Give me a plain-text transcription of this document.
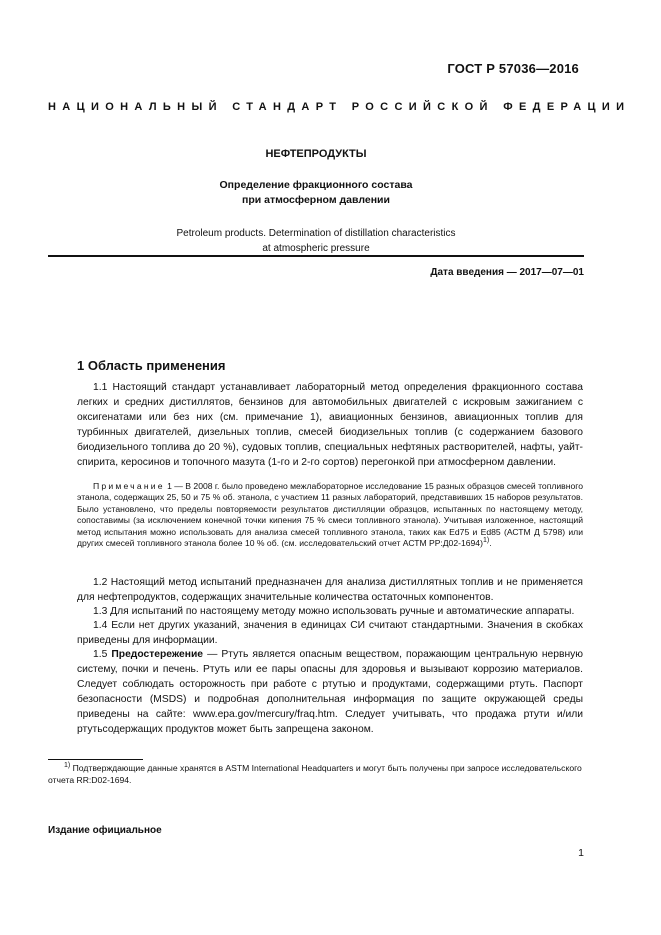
ГОСТ Р 57036—2016
НАЦИОНАЛЬНЫЙ СТАНДАРТ РОССИЙСКОЙ ФЕДЕРАЦИИ
НЕФТЕПРОДУКТЫ
Определение фракционного состава
при атмосферном давлении
Petroleum products. Determination of distillation characteristics
at atmospheric pressure
Дата введения — 2017—07—01
1 Область применения
1.1 Настоящий стандарт устанавливает лабораторный метод определения фракционного состава легких и средних дистиллятов, бензинов для автомобильных двигателей с искровым зажиганием с оксигенатами или без них (см. примечание 1), авиационных бензинов, авиационных топлив для турбинных двигателей, дизельных топлив, смесей биодизельных топлив (с содержанием базового биодизельного топлива до 20 %), судовых топлив, специальных нефтяных растворителей, нафты, уайт-спирита, керосинов и топочного мазута (1-го и 2-го сортов) перегонкой при атмосферном давлении.
Примечание 1 — В 2008 г. было проведено межлабораторное исследование 15 разных образцов смесей топливного этанола, содержащих 25, 50 и 75 % об. этанола, с участием 11 разных лабораторий, представивших 15 наборов результатов. Было установлено, что пределы повторяемости результатов дистилляции образцов, испытанных по настоящему методу, сопоставимы (за исключением конечной точки кипения 75 % смеси топливного этанола). Учитывая изложенное, настоящий метод испытания можно использовать для анализа смесей топливного этанола, таких как Ed75 и Ed85 (АСТМ Д 5798) или других смесей топливного этанола более 10 % об. (см. исследовательский отчет АСТМ РР:Д02-1694)$^{1)}$.
1.2 Настоящий метод испытаний предназначен для анализа дистиллятных топлив и не применяется для нефтепродуктов, содержащих значительные количества остаточных компонентов.
1.3 Для испытаний по настоящему методу можно использовать ручные и автоматические аппараты.
1.4 Если нет других указаний, значения в единицах СИ считают стандартными. Значения в скобках приведены для информации.
1.5 Предостережение — Ртуть является опасным веществом, поражающим центральную нервную систему, почки и печень. Ртуть или ее пары опасны для здоровья и вызывают коррозию материалов. Следует соблюдать осторожность при работе с ртутью и продуктами, содержащими ртуть. Паспорт безопасности (MSDS) и подробная дополнительная информация по защите окружающей среды приведены на сайте: www.epa.gov/mercury/fraq.htm. Следует учитывать, что продажа ртути и/или ртутьсодержащих продуктов может быть запрещена законом.
$^{1)}$ Подтверждающие данные хранятся в ASTM International Headquarters и могут быть получены при запросе исследовательского отчета RR:D02-1694.
Издание официальное
1
